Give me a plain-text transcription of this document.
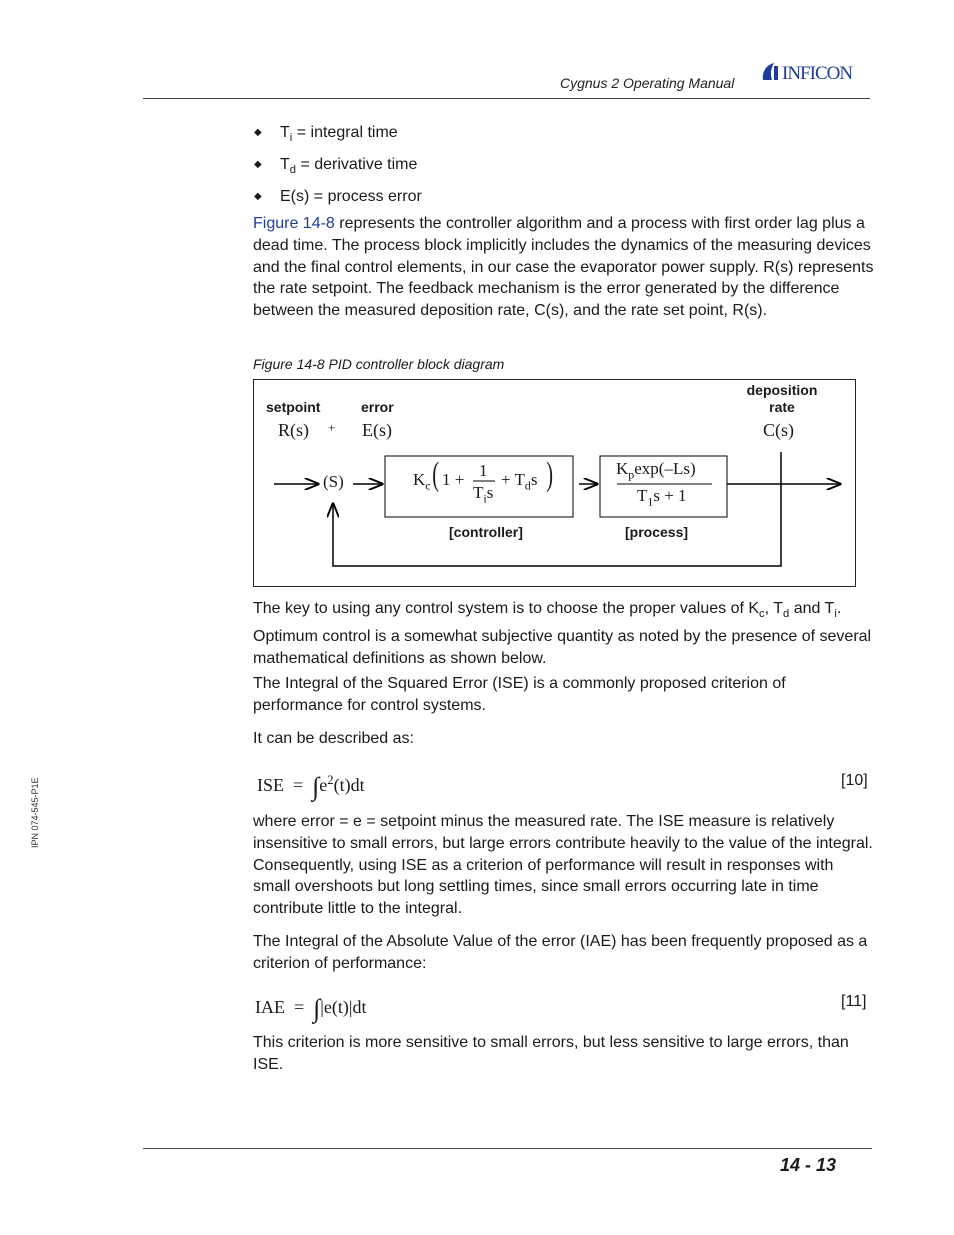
Cygnus 2 Operating Manual	INFICON
IPN 074-545-P1E
◆ $T_i$ = integral time
◆ $T_d$ = derivative time
◆ E(s) = process error
Figure 14-8 represents the controller algorithm and a process with first order lag plus a dead time. The process block implicitly includes the dynamics of the measuring devices and the final control elements, in our case the evaporator power supply. R(s) represents the rate setpoint. The feedback mechanism is the error generated by the difference between the measured deposition rate, C(s), and the rate set point, R(s).
Figure 14-8 PID controller block diagram
setpoint	error
deposition
rate
R(s) + E(s)	C(s)
(S)	$K_c$ ( 1 + 1
$T_is$
+ $T_ds$ )	$K_p\exp(-Ls)$
$T_1s + 1$
[controller]	[process]
The key to using any control system is to choose the proper values of $K_c$, $T_d$ and $T_i$. Optimum control is a somewhat subjective quantity as noted by the presence of several mathematical definitions as shown below.
The Integral of the Squared Error (ISE) is a commonly proposed criterion of performance for control systems.
It can be described as:
ISE = $\int e^2(t)dt$	[10]
where error = e = setpoint minus the measured rate. The ISE measure is relatively insensitive to small errors, but large errors contribute heavily to the value of the integral. Consequently, using ISE as a criterion of performance will result in responses with small overshoots but long settling times, since small errors occurring late in time contribute little to the integral.
The Integral of the Absolute Value of the error (IAE) has been frequently proposed as a criterion of performance:
IAE = ∫|e(t)|dt	[11]
This criterion is more sensitive to small errors, but less sensitive to large errors, than ISE.
14 - 13
